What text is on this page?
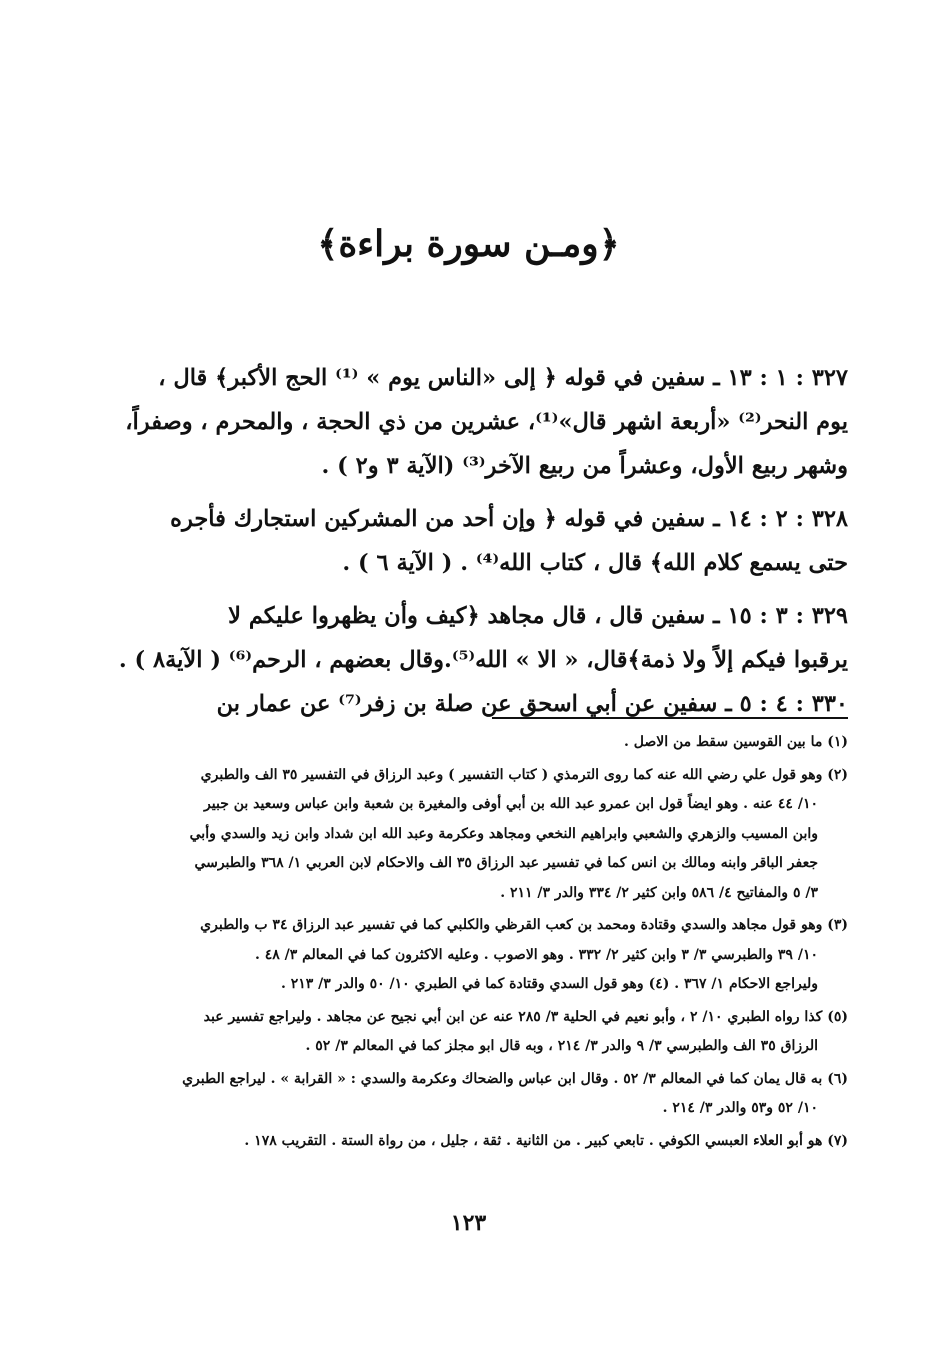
﴿ومـن سورة براءة﴾

٣٢٧ : ١ : ١٣ ـ سفين في قوله ﴿ إلى «الناس يوم » ⁽¹⁾ الحج الأكبر﴾ قال ،
يوم النحر⁽²⁾ «أربعة اشهر قال»⁽¹⁾، عشرين من ذي الحجة ، والمحرم ، وصفراً،
وشهر ربيع الأول، وعشراً من ربيع الآخر⁽³⁾ (الآية ٣ و٢ ) .

٣٢٨ : ٢ : ١٤ ـ سفين في قوله ﴿ وإن أحد من المشركين استجارك فأجره
حتى يسمع كلام الله﴾ قال ، كتاب الله⁽⁴⁾ . ( الآية ٦ ) .

٣٢٩ : ٣ : ١٥ ـ سفين قال ، قال مجاهد ﴿كيف وأن يظهروا عليكم لا
يرقبوا فيكم إلاً ولا ذمة﴾قال، « الا » الله⁽⁵⁾.وقال بعضهم ، الرحم⁽⁶⁾ ( الآية٨ ) .
٣٣٠ : ٤ : ٥ ـ سفين عن أبي اسحق عن صلة بن زفر⁽⁷⁾ عن عمار بن

(١) ما بين القوسين سقط من الاصل .
(٢) وهو قول علي رضي الله عنه كما روى الترمذي ( كتاب التفسير ) وعبد الرزاق في التفسير ٣٥ الف والطبري
١٠/ ٤٤ عنه . وهو ايضاً قول ابن عمرو عبد الله بن أبي أوفى والمغيرة بن شعبة وابن عباس وسعيد بن جبير
وابن المسيب والزهري والشعبي وابراهيم النخعي ومجاهد وعكرمة وعبد الله ابن شداد وابن زيد والسدي وأبي
جعفر الباقر وابنه ومالك بن انس كما في تفسير عبد الرزاق ٣٥ الف والاحكام لابن العربي ١/ ٣٦٨ والطبرسي
٣/ ٥ والمفاتيح ٤/ ٥٨٦ وابن كثير ٢/ ٣٣٤ والدر ٣/ ٢١١ .
(٣) وهو قول مجاهد والسدي وقتادة ومحمد بن كعب القرظي والكلبي كما في تفسير عبد الرزاق ٣٤ ب والطبري
١٠/ ٣٩ والطبرسي ٣/ ٣ وابن كثير ٢/ ٣٣٢ . وهو الاصوب . وعليه الاكثرون كما في المعالم ٣/ ٤٨ .
وليراجع الاحكام ١/ ٣٦٧ . (٤) وهو قول السدي وقتادة كما في الطبري ١٠/ ٥٠ والدر ٣/ ٢١٣ .
(٥) كذا رواه الطبري ١٠/ ٢ ، وأبو نعيم في الحلية ٣/ ٢٨٥ عنه عن ابن أبي نجيح عن مجاهد . وليراجع تفسير عبد
الرزاق ٣٥ الف والطبرسي ٣/ ٩ والدر ٣/ ٢١٤ ، وبه قال ابو مجلز كما في المعالم ٣/ ٥٢ .
(٦) به قال يمان كما في المعالم ٣/ ٥٢ . وقال ابن عباس والضحاك وعكرمة والسدي : « القرابة » . ليراجع الطبري
١٠/ ٥٢ و٥٣ والدر ٣/ ٢١٤ .
(٧) هو أبو العلاء العبسي الكوفي . تابعي كبير . من الثانية . ثقة ، جليل ، من رواة الستة . التقريب ١٧٨ .
١٢٣
